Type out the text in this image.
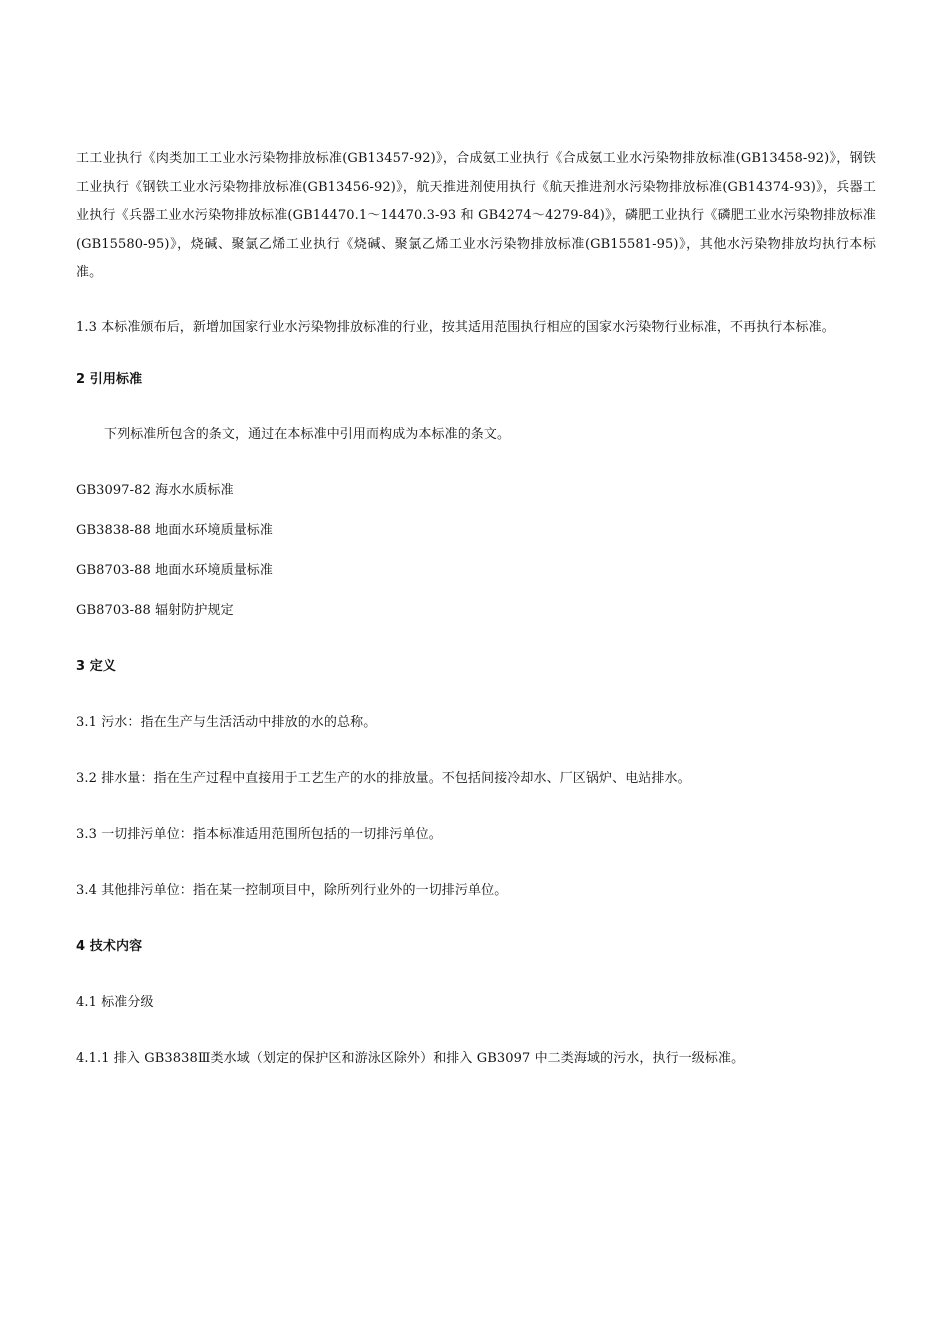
工工业执行《肉类加工工业水污染物排放标准(GB13457-92)》，合成氨工业执行《合成氨工业水污染物排放标准(GB13458-92)》，钢铁工业执行《钢铁工业水污染物排放标准(GB13456-92)》，航天推进剂使用执行《航天推进剂水污染物排放标准(GB14374-93)》，兵器工业执行《兵器工业水污染物排放标准(GB14470.1～14470.3-93 和 GB4274～4279-84)》，磷肥工业执行《磷肥工业水污染物排放标准(GB15580-95)》，烧碱、聚氯乙烯工业执行《烧碱、聚氯乙烯工业水污染物排放标准(GB15581-95)》，其他水污染物排放均执行本标准。

1.3 本标准颁布后，新增加国家行业水污染物排放标准的行业，按其适用范围执行相应的国家水污染物行业标准，不再执行本标准。

2 引用标准

下列标准所包含的条文，通过在本标准中引用而构成为本标准的条文。

GB3097-82 海水水质标准

GB3838-88 地面水环境质量标准

GB8703-88 地面水环境质量标准

GB8703-88 辐射防护规定

3 定义

3.1 污水：指在生产与生活活动中排放的水的总称。

3.2 排水量：指在生产过程中直接用于工艺生产的水的排放量。不包括间接冷却水、厂区锅炉、电站排水。

3.3 一切排污单位：指本标准适用范围所包括的一切排污单位。

3.4 其他排污单位：指在某一控制项目中，除所列行业外的一切排污单位。

4 技术内容

4.1 标准分级

4.1.1 排入 GB3838Ⅲ类水域（划定的保护区和游泳区除外）和排入 GB3097 中二类海域的污水，执行一级标准。
